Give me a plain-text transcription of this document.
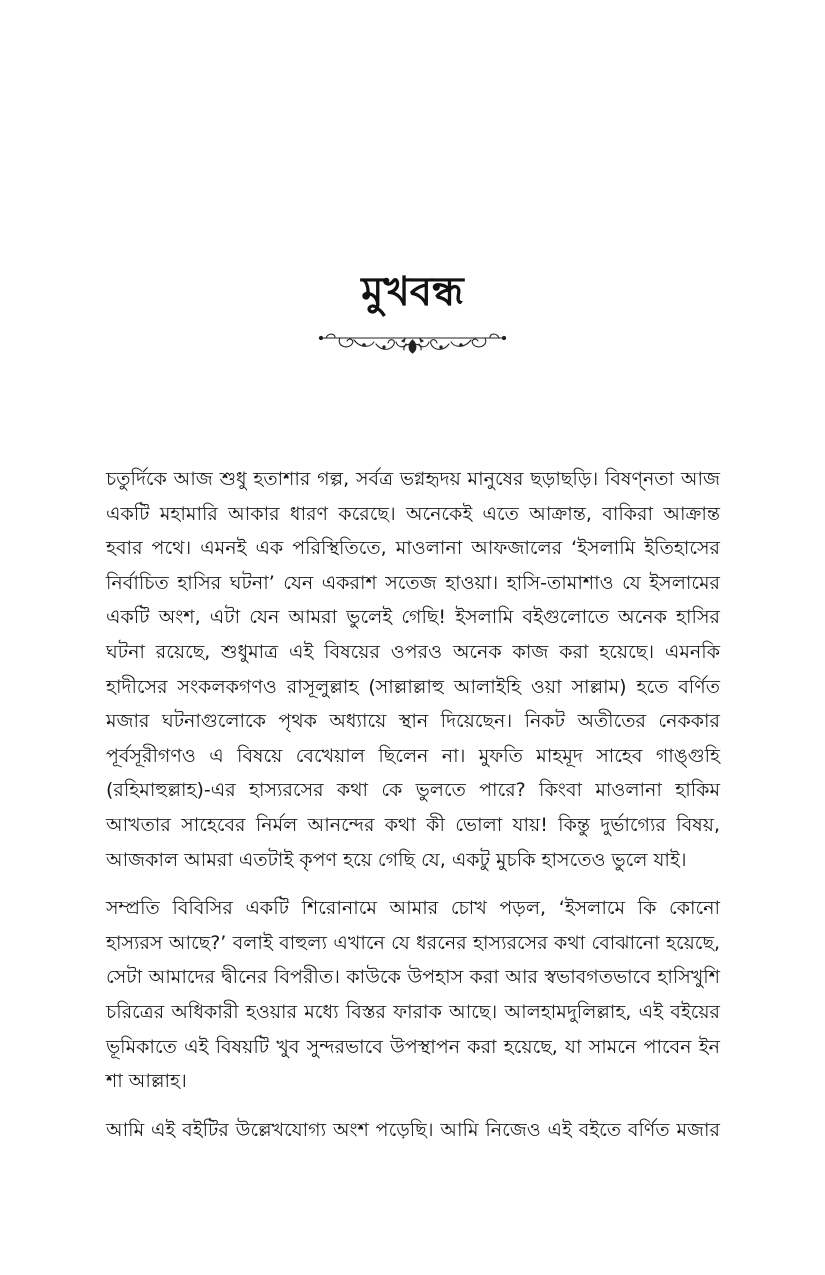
মুখবন্ধ

চতুর্দিকে আজ শুধু হতাশার গল্প, সর্বত্র ভগ্নহৃদয় মানুষের ছড়াছড়ি। বিষণ্নতা আজ একটি মহামারি আকার ধারণ করেছে। অনেকেই এতে আক্রান্ত, বাকিরা আক্রান্ত হবার পথে। এমনই এক পরিস্থিতিতে, মাওলানা আফজালের ‘ইসলামি ইতিহাসের নির্বাচিত হাসির ঘটনা’ যেন একরাশ সতেজ হাওয়া। হাসি-তামাশাও যে ইসলামের একটি অংশ, এটা যেন আমরা ভুলেই গেছি! ইসলামি বইগুলোতে অনেক হাসির ঘটনা রয়েছে, শুধুমাত্র এই বিষয়ের ওপরও অনেক কাজ করা হয়েছে। এমনকি হাদীসের সংকলকগণও রাসূলুল্লাহ (সাল্লাল্লাহু আলাইহি ওয়া সাল্লাম) হতে বর্ণিত মজার ঘটনাগুলোকে পৃথক অধ্যায়ে স্থান দিয়েছেন। নিকট অতীতের নেককার পূর্বসূরীগণও এ বিষয়ে বেখেয়াল ছিলেন না। মুফতি মাহমূদ সাহেব গাঙ্গুহি (রহিমাহুল্লাহ)-এর হাস্যরসের কথা কে ভুলতে পারে? কিংবা মাওলানা হাকিম আখতার সাহেবের নির্মল আনন্দের কথা কী ভোলা যায়! কিন্তু দুর্ভাগ্যের বিষয়, আজকাল আমরা এতটাই কৃপণ হয়ে গেছি যে, একটু মুচকি হাসতেও ভুলে যাই।

সম্প্রতি বিবিসির একটি শিরোনামে আমার চোখ পড়ল, ‘ইসলামে কি কোনো হাস্যরস আছে?’ বলাই বাহুল্য এখানে যে ধরনের হাস্যরসের কথা বোঝানো হয়েছে, সেটা আমাদের দ্বীনের বিপরীত। কাউকে উপহাস করা আর স্বভাবগতভাবে হাসিখুশি চরিত্রের অধিকারী হওয়ার মধ্যে বিস্তর ফারাক আছে। আলহামদুলিল্লাহ, এই বইয়ের ভূমিকাতে এই বিষয়টি খুব সুন্দরভাবে উপস্থাপন করা হয়েছে, যা সামনে পাবেন ইন শা আল্লাহ।

আমি এই বইটির উল্লেখযোগ্য অংশ পড়েছি। আমি নিজেও এই বইতে বর্ণিত মজার
